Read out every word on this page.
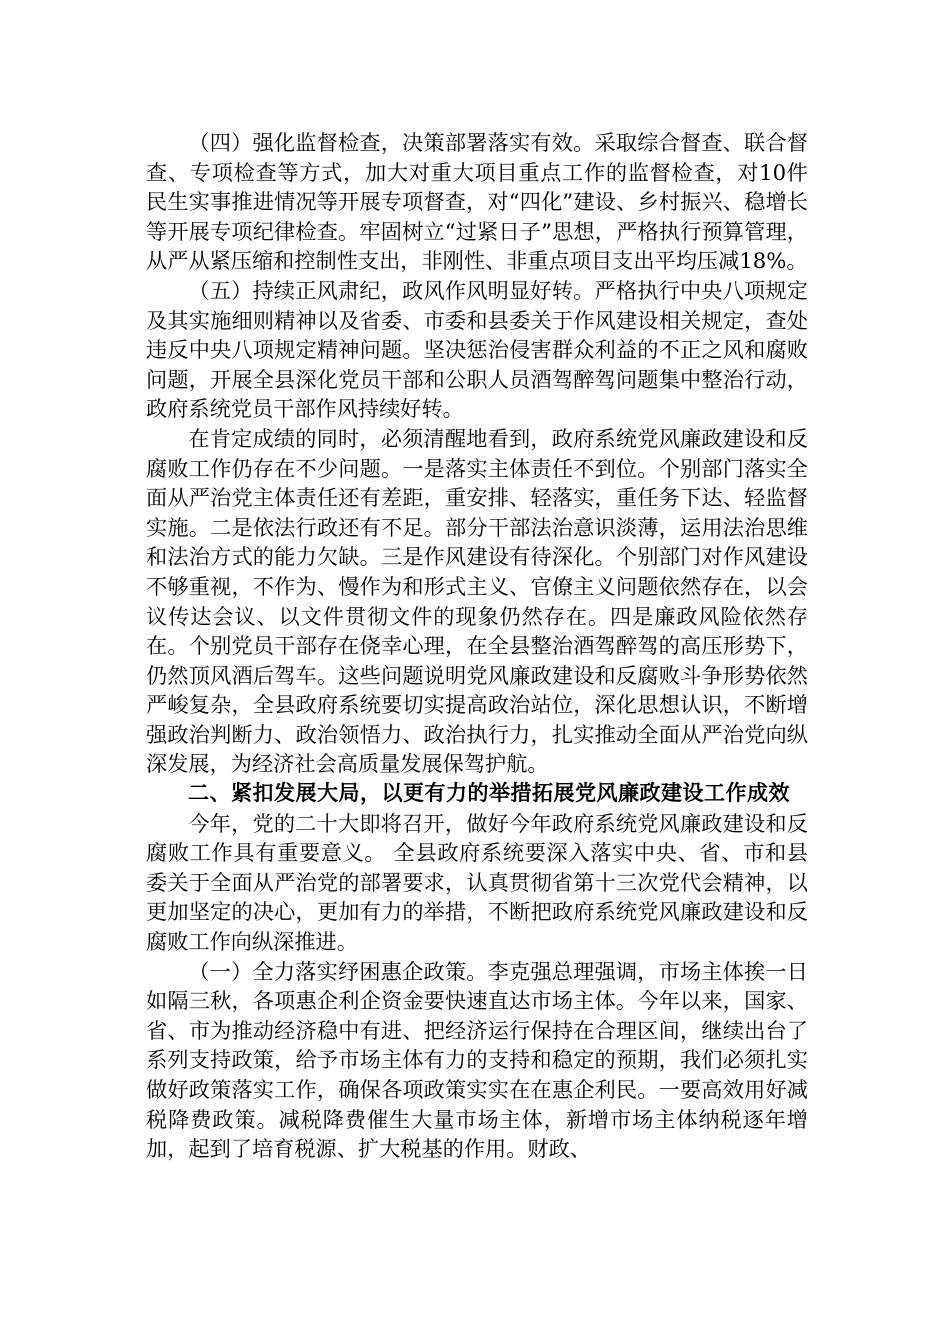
（四）强化监督检查，决策部署落实有效。采取综合督查、联合督查、专项检查等方式，加大对重大项目重点工作的监督检查，对10件民生实事推进情况等开展专项督查，对“四化”建设、乡村振兴、稳增长等开展专项纪律检查。牢固树立“过紧日子”思想，严格执行预算管理，从严从紧压缩和控制性支出，非刚性、非重点项目支出平均压减18%。

（五）持续正风肃纪，政风作风明显好转。严格执行中央八项规定及其实施细则精神以及省委、市委和县委关于作风建设相关规定，查处违反中央八项规定精神问题。坚决惩治侵害群众利益的不正之风和腐败问题，开展全县深化党员干部和公职人员酒驾醉驾问题集中整治行动，政府系统党员干部作风持续好转。

在肯定成绩的同时，必须清醒地看到，政府系统党风廉政建设和反腐败工作仍存在不少问题。一是落实主体责任不到位。个别部门落实全面从严治党主体责任还有差距，重安排、轻落实，重任务下达、轻监督实施。二是依法行政还有不足。部分干部法治意识淡薄，运用法治思维和法治方式的能力欠缺。三是作风建设有待深化。个别部门对作风建设不够重视，不作为、慢作为和形式主义、官僚主义问题依然存在，以会议传达会议、以文件贯彻文件的现象仍然存在。四是廉政风险依然存在。个别党员干部存在侥幸心理，在全县整治酒驾醉驾的高压形势下，仍然顶风酒后驾车。这些问题说明党风廉政建设和反腐败斗争形势依然严峻复杂，全县政府系统要切实提高政治站位，深化思想认识，不断增强政治判断力、政治领悟力、政治执行力，扎实推动全面从严治党向纵深发展，为经济社会高质量发展保驾护航。

二、紧扣发展大局，以更有力的举措拓展党风廉政建设工作成效

今年，党的二十大即将召开，做好今年政府系统党风廉政建设和反腐败工作具有重要意义。 全县政府系统要深入落实中央、省、市和县委关于全面从严治党的部署要求，认真贯彻省第十三次党代会精神，以更加坚定的决心，更加有力的举措，不断把政府系统党风廉政建设和反腐败工作向纵深推进。

（一）全力落实纾困惠企政策。李克强总理强调，市场主体挨一日如隔三秋，各项惠企利企资金要快速直达市场主体。今年以来，国家、省、市为推动经济稳中有进、把经济运行保持在合理区间，继续出台了系列支持政策，给予市场主体有力的支持和稳定的预期，我们必须扎实做好政策落实工作，确保各项政策实实在在惠企利民。一要高效用好减税降费政策。减税降费催生大量市场主体，新增市场主体纳税逐年增加，起到了培育税源、扩大税基的作用。财政、
